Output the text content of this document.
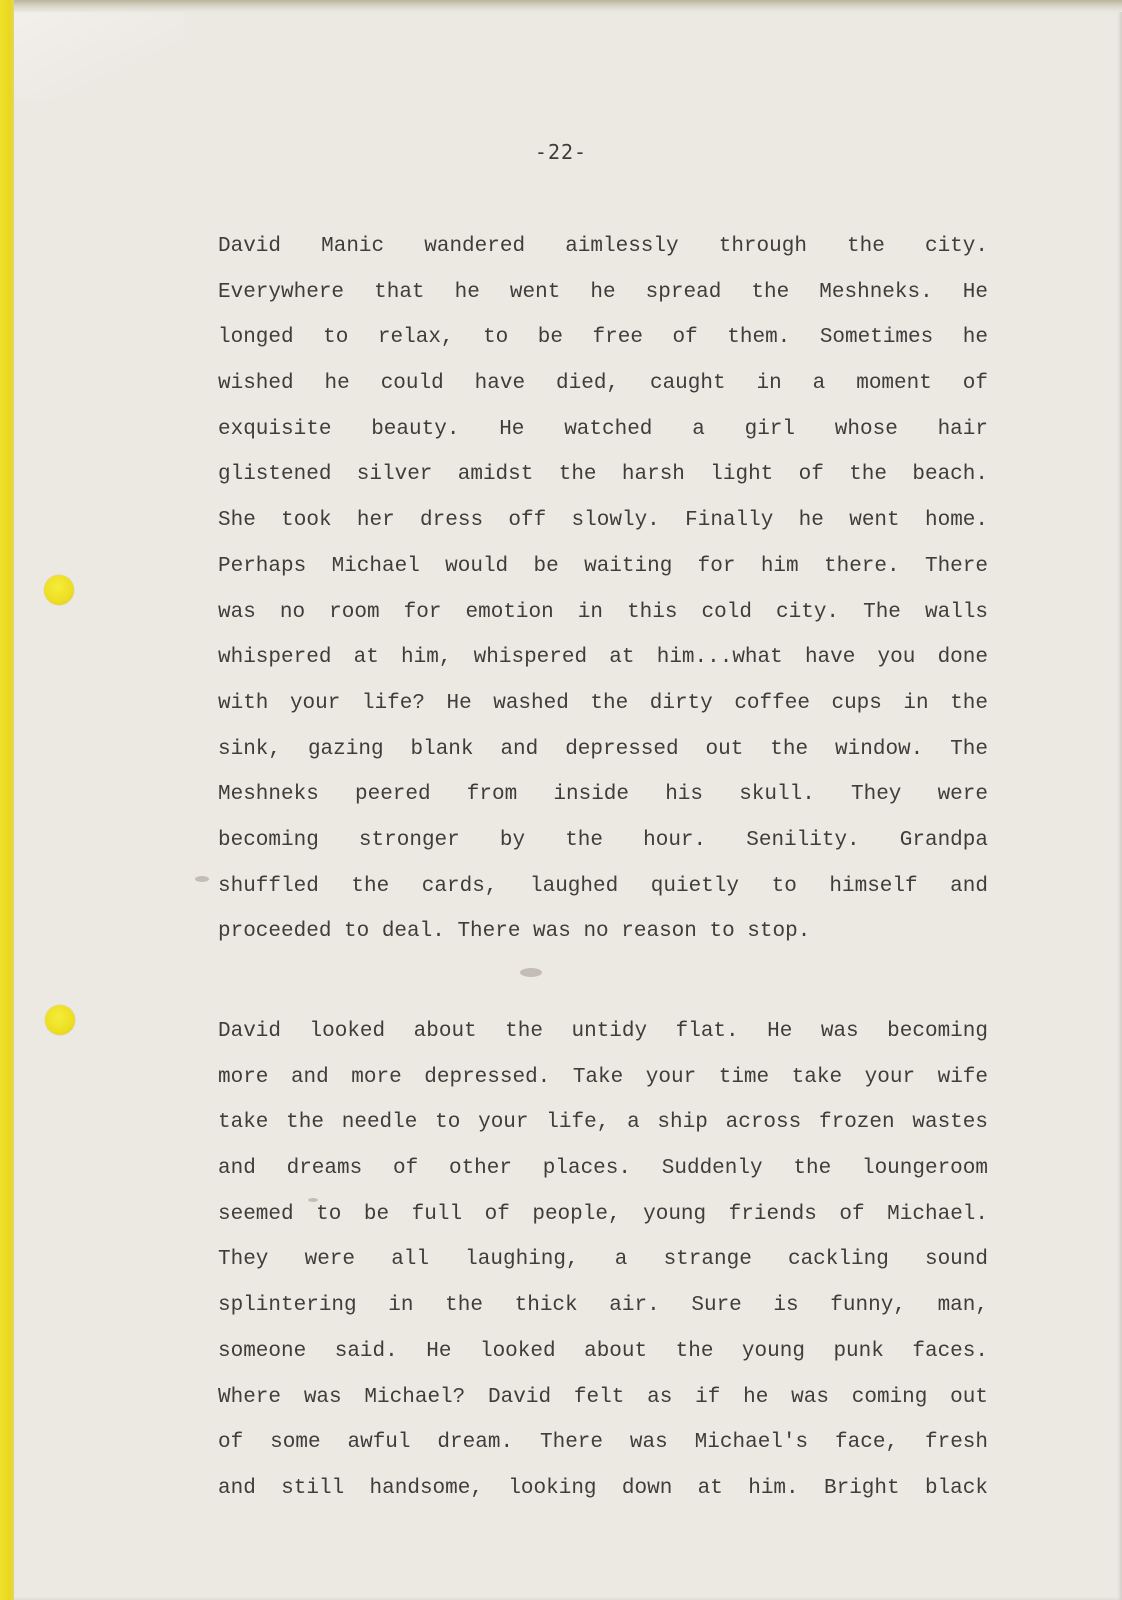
-22-
David Manic wandered aimlessly through the city.
Everywhere that he went he spread the Meshneks. He
longed to relax, to be free of them. Sometimes he
wished he could have died, caught in a moment of
exquisite beauty. He watched a girl whose hair
glistened silver amidst the harsh light of the beach.
She took her dress off slowly. Finally he went home.
Perhaps Michael would be waiting for him there. There
was no room for emotion in this cold city. The walls
whispered at him, whispered at him...what have you done
with your life? He washed the dirty coffee cups in the
sink, gazing blank and depressed out the window. The
Meshneks peered from inside his skull. They were
becoming stronger by the hour. Senility. Grandpa
shuffled the cards, laughed quietly to himself and
proceeded to deal. There was no reason to stop.
David looked about the untidy flat. He was becoming
more and more depressed. Take your time take your wife
take the needle to your life, a ship across frozen wastes
and dreams of other places. Suddenly the loungeroom
seemed to be full of people, young friends of Michael.
They were all laughing, a strange cackling sound
splintering in the thick air. Sure is funny, man,
someone said. He looked about the young punk faces.
Where was Michael? David felt as if he was coming out
of some awful dream. There was Michael's face, fresh
and still handsome, looking down at him. Bright black
